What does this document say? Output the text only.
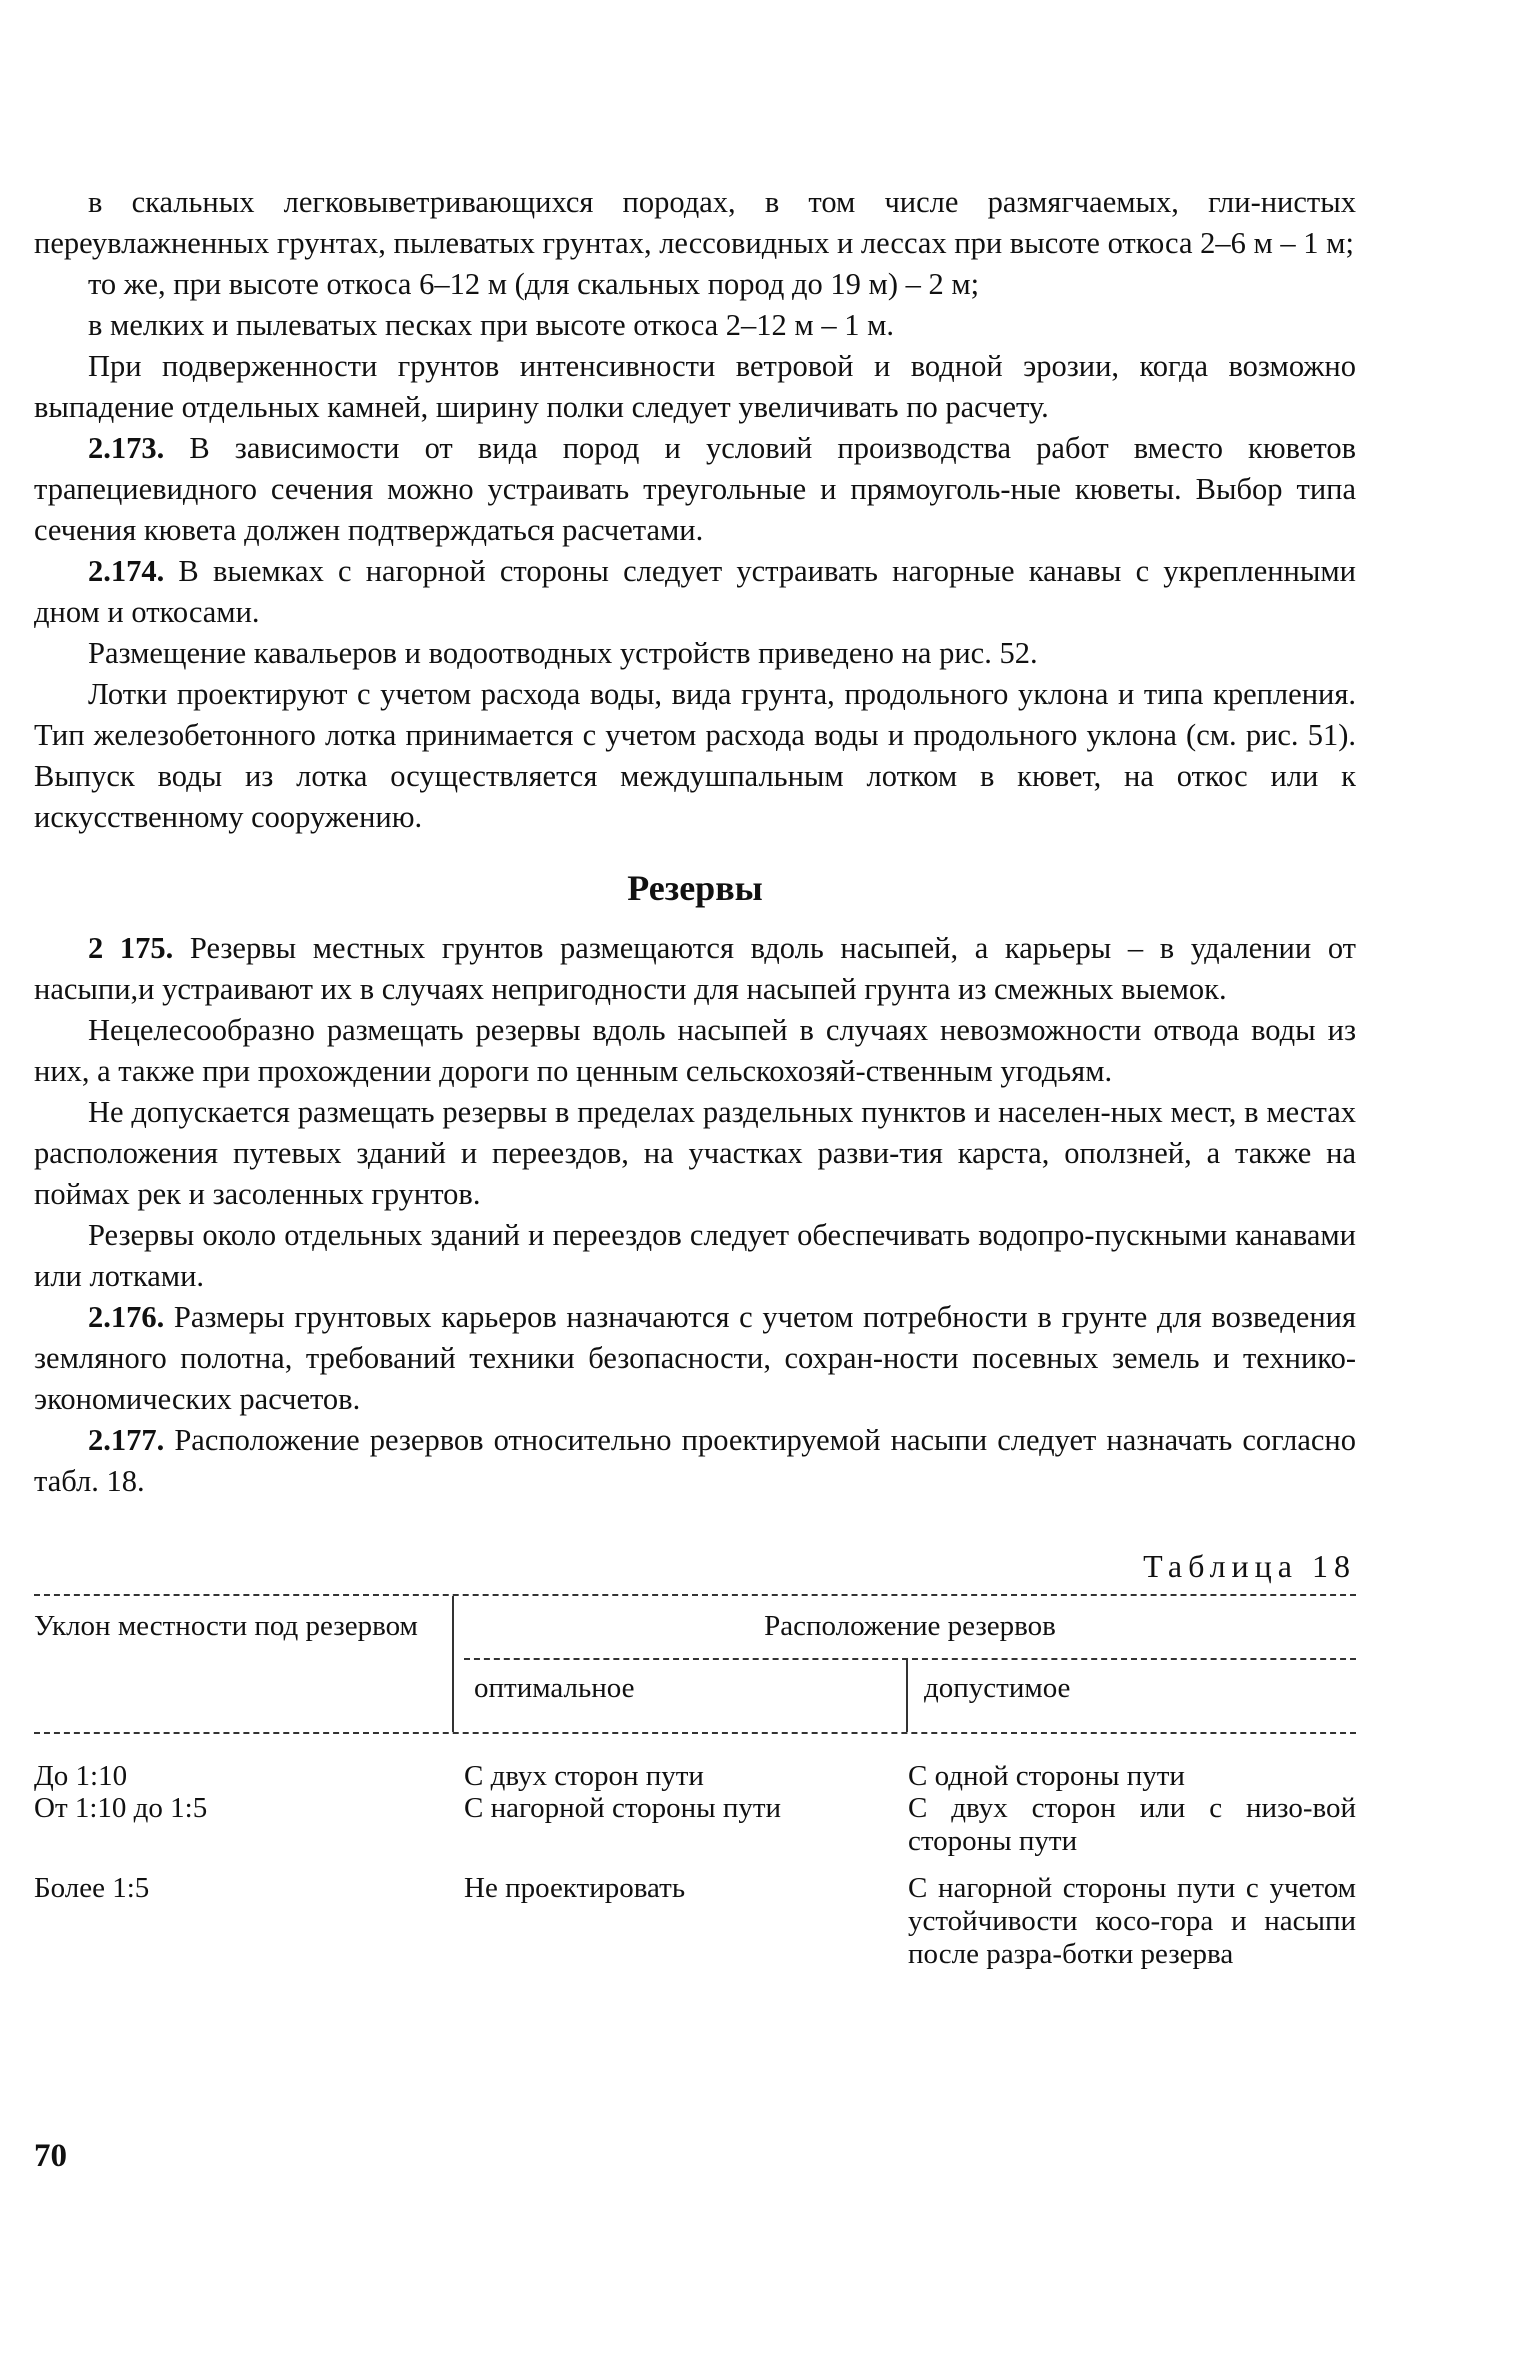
в скальных легковыветривающихся породах, в том числе размягчаемых, гли-нистых переувлажненных грунтах, пылеватых грунтах, лессовидных и лессах при высоте откоса 2–6 м – 1 м;

то же, при высоте откоса 6–12 м (для скальных пород до 19 м) – 2 м;

в мелких и пылеватых песках при высоте откоса 2–12 м – 1 м.

При подверженности грунтов интенсивности ветровой и водной эрозии, когда возможно выпадение отдельных камней, ширину полки следует увеличивать по расчету.

2.173. В зависимости от вида пород и условий производства работ вместо кюветов трапециевидного сечения можно устраивать треугольные и прямоуголь-ные кюветы. Выбор типа сечения кювета должен подтверждаться расчетами.

2.174. В выемках с нагорной стороны следует устраивать нагорные канавы с укрепленными дном и откосами.

Размещение кавальеров и водоотводных устройств приведено на рис. 52.

Лотки проектируют с учетом расхода воды, вида грунта, продольного уклона и типа крепления. Тип железобетонного лотка принимается с учетом расхода воды и продольного уклона (см. рис. 51). Выпуск воды из лотка осуществляется междушпальным лотком в кювет, на откос или к искусственному сооружению.

Резервы

2 175. Резервы местных грунтов размещаются вдоль насыпей, а карьеры – в удалении от насыпи,и устраивают их в случаях непригодности для насыпей грунта из смежных выемок.

Нецелесообразно размещать резервы вдоль насыпей в случаях невозможности отвода воды из них, а также при прохождении дороги по ценным сельскохозяй-ственным угодьям.

Не допускается размещать резервы в пределах раздельных пунктов и населен-ных мест, в местах расположения путевых зданий и переездов, на участках разви-тия карста, оползней, а также на поймах рек и засоленных грунтов.

Резервы около отдельных зданий и переездов следует обеспечивать водопро-пускными канавами или лотками.

2.176. Размеры грунтовых карьеров назначаются с учетом потребности в грунте для возведения земляного полотна, требований техники безопасности, сохран-ности посевных земель и технико-экономических расчетов.

2.177. Расположение резервов относительно проектируемой насыпи следует назначать согласно табл. 18.

Таблица 18
Уклон местности под резервом	Расположение резервов
оптимальное	допустимое
До 1:10	С двух сторон пути	С одной стороны пути
От 1:10 до 1:5	С нагорной стороны пути	С двух сторон или с низо-вой стороны пути
Более 1:5	Не проектировать	С нагорной стороны пути с учетом устойчивости косо-гора и насыпи после разра-ботки резерва
70
